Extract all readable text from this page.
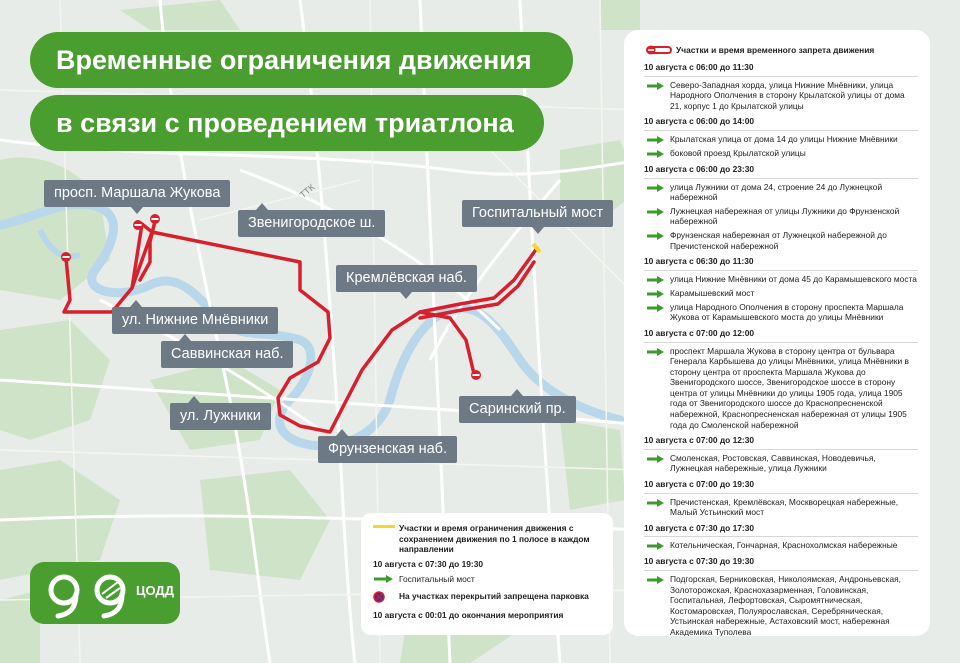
Временные ограничения движения
в связи с проведением триатлона
просп. Маршала Жукова
Звенигородское ш.
Госпитальный мост
Кремлёвская наб.
ул. Нижние Мнёвники
Саввинская наб.
ул. Лужники	Саринский пр.
Фрунзенская наб.
ТТК
Участки и время временного запрета движения
10 августа с 06:00 до 11:30
Северо-Западная хорда, улица Нижние Мнёвники, улица Народного Ополчения в сторону Крылатской улицы от дома 21, корпус 1 до Крылатской улицы
10 августа с 06:00 до 14:00
Крылатская улица от дома 14 до улицы Нижние Мнёвники
боковой проезд Крылатской улицы
10 августа с 06:00 до 23:30
улица Лужники от дома 24, строение 24 до Лужнецкой набережной
Лужнецкая набережная от улицы Лужники до Фрунзенской набережной
Фрунзенская набережная от Лужнецкой набережной до Пречистенской набережной
10 августа с 06:30 до 11:30
улица Нижние Мнёвники от дома 45 до Карамышевского моста
Карамышевский мост
улица Народного Ополчения в сторону проспекта Маршала Жукова от Карамышевского моста до улицы Мнёвники
10 августа с 07:00 до 12:00
проспект Маршала Жукова в сторону центра от бульвара Генерала Карбышева до улицы Мнёвники, улица Мнёвники в сторону центра от проспекта Маршала Жукова до Звенигородского шоссе, Звенигородское шоссе в сторону центра от улицы Мнёвники до улицы 1905 года, улица 1905 года от Звенигородского шоссе до Краснопресненской набережной, Краснопресненская набережная от улицы 1905 года до Смоленской набережной
10 августа с 07:00 до 12:30
Смоленская, Ростовская, Саввинская, Новодевичья, Лужнецкая набережные, улица Лужники
10 августа с 07:00 до 19:30
Пречистенская, Кремлёвская, Москворецкая набережные, Малый Устьинский мост
10 августа с 07:30 до 17:30
Котельническая, Гончарная, Краснохолмская набережные
10 августа с 07:30 до 19:30
Подгорская, Берниковская, Николоямская, Андроньевская, Золоторожская, Краснохазарменная, Головинская, Госпитальная, Лефортовская, Сыромятническая, Костомаровская, Полуярославская, Серебряническая, Устьинская набережные, Астаховский мост, набережная Академика Туполева
Участки и время ограничения движения с сохранением движения по 1 полосе в каждом направлении
10 августа с 07:30 до 19:30
Госпитальный мост
На участках перекрытий запрещена парковка
10 августа с 00:01 до окончания мероприятия
ЦОДД
